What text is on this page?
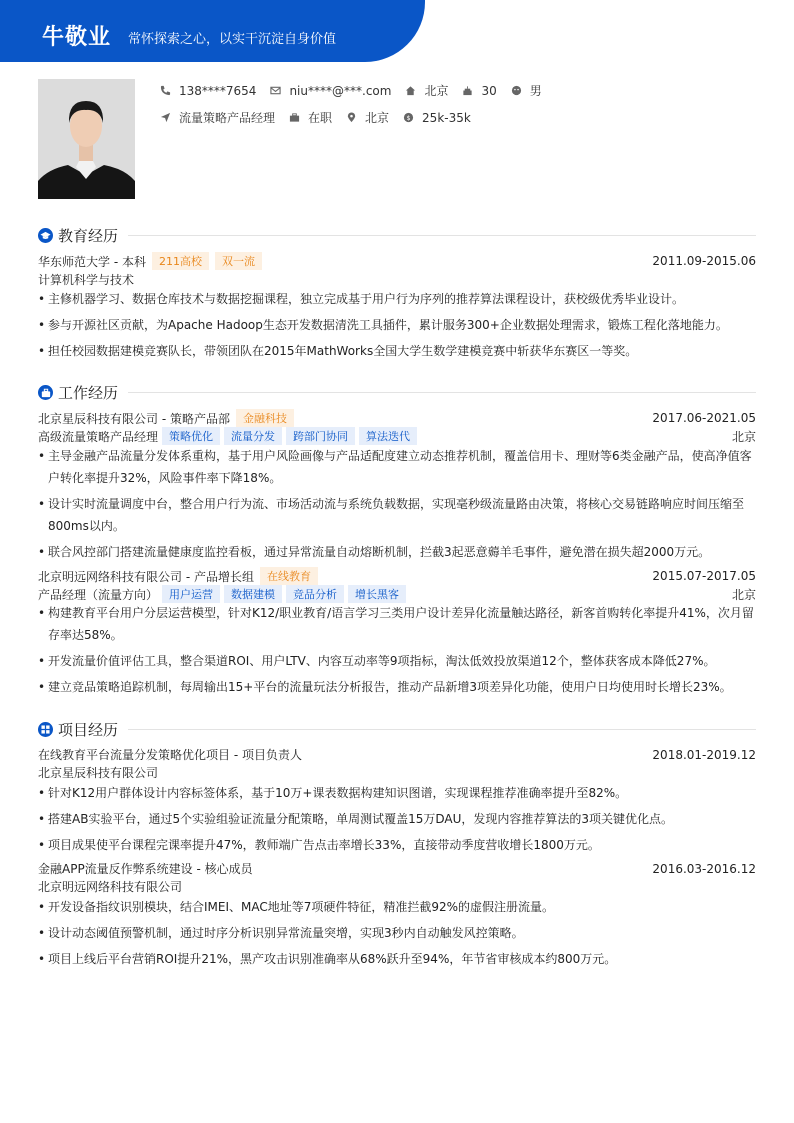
牛敬业 常怀探索之心，以实干沉淀自身价值
138****7654	niu****@***.com	北京	30	男
流量策略产品经理	在职	北京 $ 25k-35k
教育经历
华东师范大学 - 本科	211高校	双一流	2011.09-2015.06
计算机科学与技术
• 主修机器学习、数据仓库技术与数据挖掘课程，独立完成基于用户行为序列的推荐算法课程设计，获校级优秀毕业设计。
• 参与开源社区贡献，为Apache Hadoop生态开发数据清洗工具插件，累计服务300+企业数据处理需求，锻炼工程化落地能力。
• 担任校园数据建模竞赛队长，带领团队在2015年MathWorks全国大学生数学建模竞赛中斩获华东赛区一等奖。
工作经历
北京星辰科技有限公司 - 策略产品部	金融科技	2017.06-2021.05
高级流量策略产品经理	策略优化	流量分发	跨部门协同	算法迭代	北京
• 主导金融产品流量分发体系重构，基于用户风险画像与产品适配度建立动态推荐机制，覆盖信用卡、理财等6类金融产品，使高净值客户转化率提升32%，风险事件率下降18%。
• 设计实时流量调度中台，整合用户行为流、市场活动流与系统负载数据，实现毫秒级流量路由决策，将核心交易链路响应时间压缩至800ms以内。
• 联合风控部门搭建流量健康度监控看板，通过异常流量自动熔断机制，拦截3起恶意薅羊毛事件，避免潜在损失超2000万元。
北京明远网络科技有限公司 - 产品增长组	在线教育	2015.07-2017.05
产品经理（流量方向）	用户运营	数据建模	竞品分析	增长黑客	北京
• 构建教育平台用户分层运营模型，针对K12/职业教育/语言学习三类用户设计差异化流量触达路径，新客首购转化率提升41%，次月留存率达58%。
• 开发流量价值评估工具，整合渠道ROI、用户LTV、内容互动率等9项指标，淘汰低效投放渠道12个，整体获客成本降低27%。
• 建立竞品策略追踪机制，每周输出15+平台的流量玩法分析报告，推动产品新增3项差异化功能，使用户日均使用时长增长23%。
项目经历
在线教育平台流量分发策略优化项目 - 项目负责人	2018.01-2019.12
北京星辰科技有限公司
• 针对K12用户群体设计内容标签体系，基于10万+课表数据构建知识图谱，实现课程推荐准确率提升至82%。
• 搭建AB实验平台，通过5个实验组验证流量分配策略，单周测试覆盖15万DAU，发现内容推荐算法的3项关键优化点。
• 项目成果使平台课程完课率提升47%，教师端广告点击率增长33%，直接带动季度营收增长1800万元。
金融APP流量反作弊系统建设 - 核心成员	2016.03-2016.12
北京明远网络科技有限公司
• 开发设备指纹识别模块，结合IMEI、MAC地址等7项硬件特征，精准拦截92%的虚假注册流量。
• 设计动态阈值预警机制，通过时序分析识别异常流量突增，实现3秒内自动触发风控策略。
• 项目上线后平台营销ROI提升21%，黑产攻击识别准确率从68%跃升至94%，年节省审核成本约800万元。
